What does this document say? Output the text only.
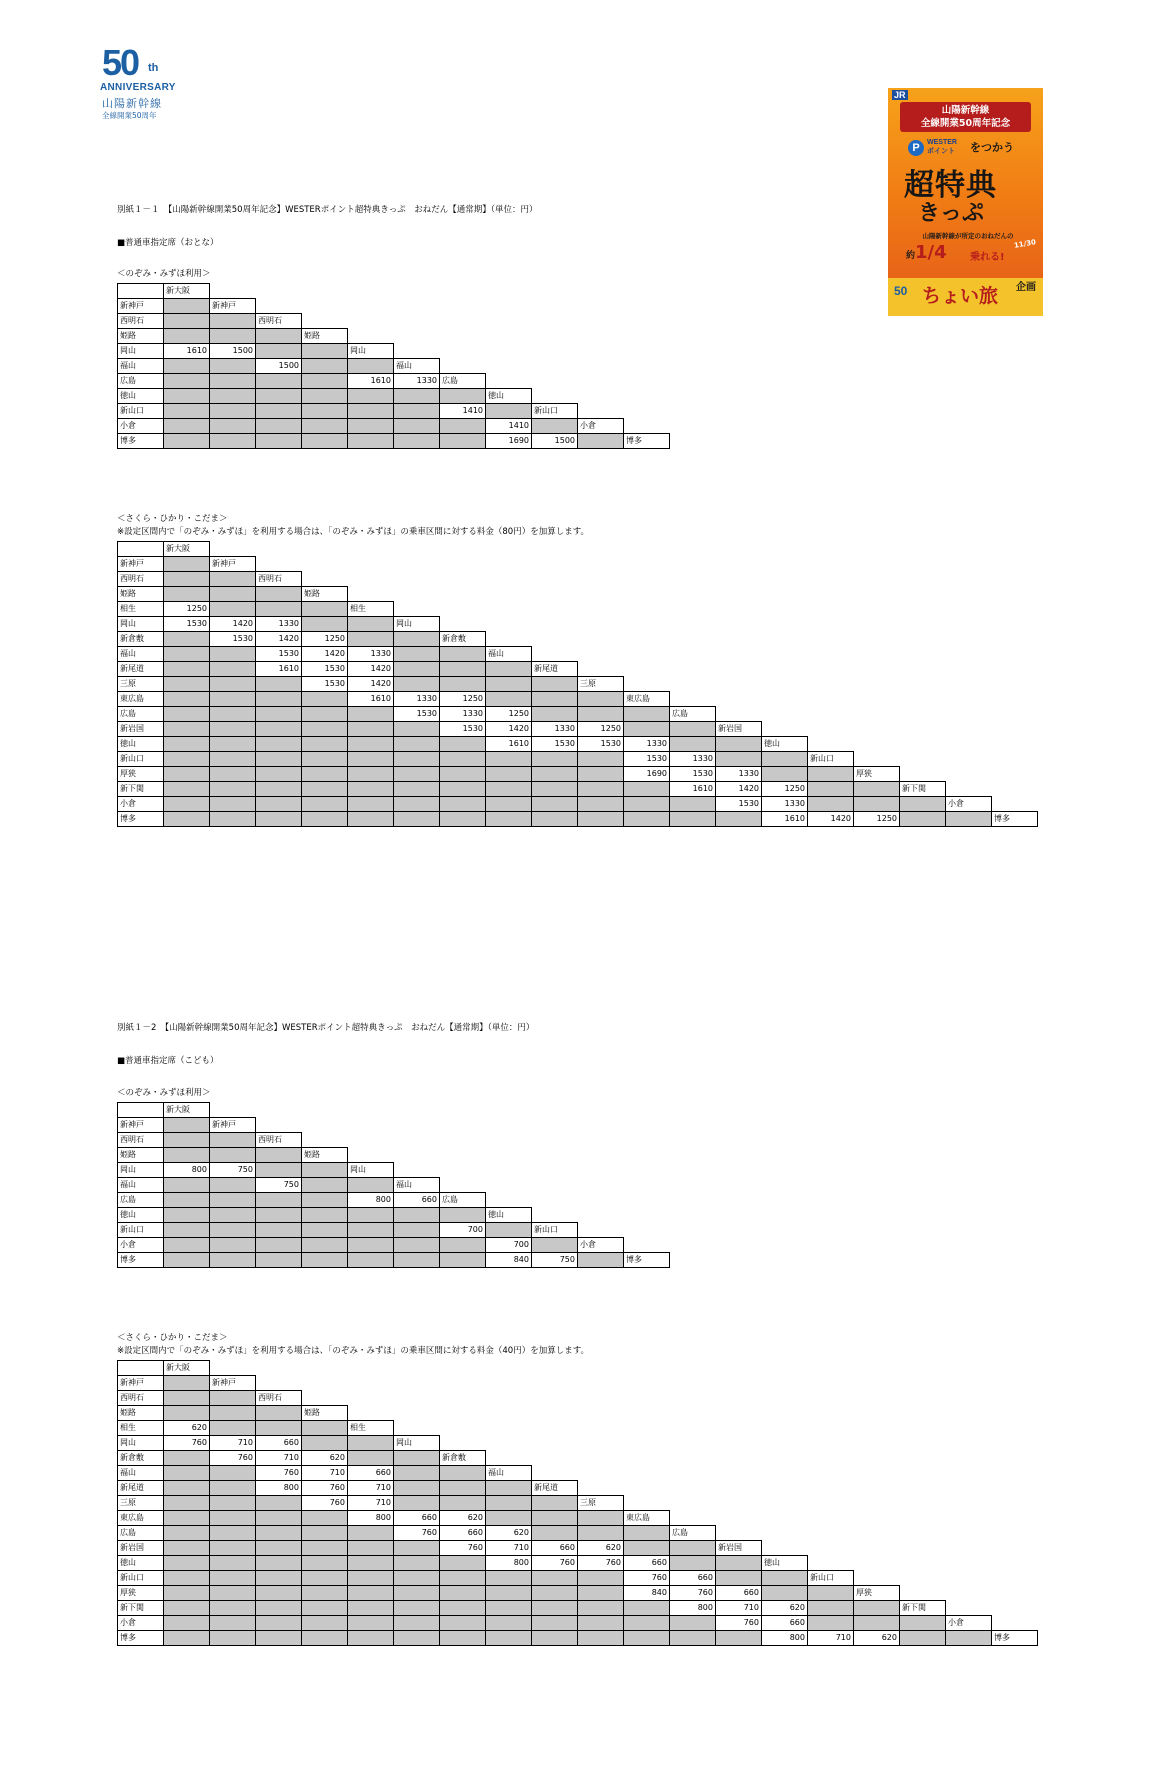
50 th
ANNIVERSARY
山陽新幹線
全線開業50周年
JR
山陽新幹線
全線開業50周年記念
P	WESTER
ポイント をつかう
超特典
きっぷ
山陽新幹線が所定のおねだんの
約1/4 乗れる!
11/30
50 ちょい旅 企画
別紙１－１　【山陽新幹線開業50周年記念】WESTERポイント超特典きっぷ　おねだん【通常期】（単位：円）
■普通車指定席（おとな）
＜のぞみ・みずほ利用＞
	新大阪										
新神戸		新神戸									
西明石			西明石								
姫路				姫路							
岡山	1610	1500			岡山						
福山			1500			福山					
広島					1610	1330	広島				
徳山								徳山			
新山口							1410		新山口		
小倉								1410		小倉	
博多								1690	1500		博多
＜さくら・ひかり・こだま＞
※設定区間内で「のぞみ・みずほ」を利用する場合は、「のぞみ・みずほ」の乗車区間に対する料金（80円）を加算します。
	新大阪																		
新神戸		新神戸																	
西明石			西明石																
姫路				姫路															
相生	1250				相生														
岡山	1530	1420	1330			岡山													
新倉敷		1530	1420	1250			新倉敷												
福山			1530	1420	1330			福山											
新尾道			1610	1530	1420				新尾道										
三原				1530	1420					三原									
東広島					1610	1330	1250				東広島								
広島						1530	1330	1250				広島							
新岩国							1530	1420	1330	1250			新岩国						
徳山								1610	1530	1530	1330			徳山					
新山口											1530	1330			新山口				
厚狭											1690	1530	1330			厚狭			
新下関												1610	1420	1250			新下関		
小倉													1530	1330				小倉	
博多														1610	1420	1250			博多
別紙１－2　【山陽新幹線開業50周年記念】WESTERポイント超特典きっぷ　おねだん【通常期】（単位：円）
■普通車指定席（こども）
＜のぞみ・みずほ利用＞
	新大阪										
新神戸		新神戸									
西明石			西明石								
姫路				姫路							
岡山	800	750			岡山						
福山			750			福山					
広島					800	660	広島				
徳山								徳山			
新山口							700		新山口		
小倉								700		小倉	
博多								840	750		博多
＜さくら・ひかり・こだま＞
※設定区間内で「のぞみ・みずほ」を利用する場合は、「のぞみ・みずほ」の乗車区間に対する料金（40円）を加算します。
	新大阪																		
新神戸		新神戸																	
西明石			西明石																
姫路				姫路															
相生	620				相生														
岡山	760	710	660			岡山													
新倉敷		760	710	620			新倉敷												
福山			760	710	660			福山											
新尾道			800	760	710				新尾道										
三原				760	710					三原									
東広島					800	660	620				東広島								
広島						760	660	620				広島							
新岩国							760	710	660	620			新岩国						
徳山								800	760	760	660			徳山					
新山口											760	660			新山口				
厚狭											840	760	660			厚狭			
新下関												800	710	620			新下関		
小倉													760	660				小倉	
博多														800	710	620			博多
